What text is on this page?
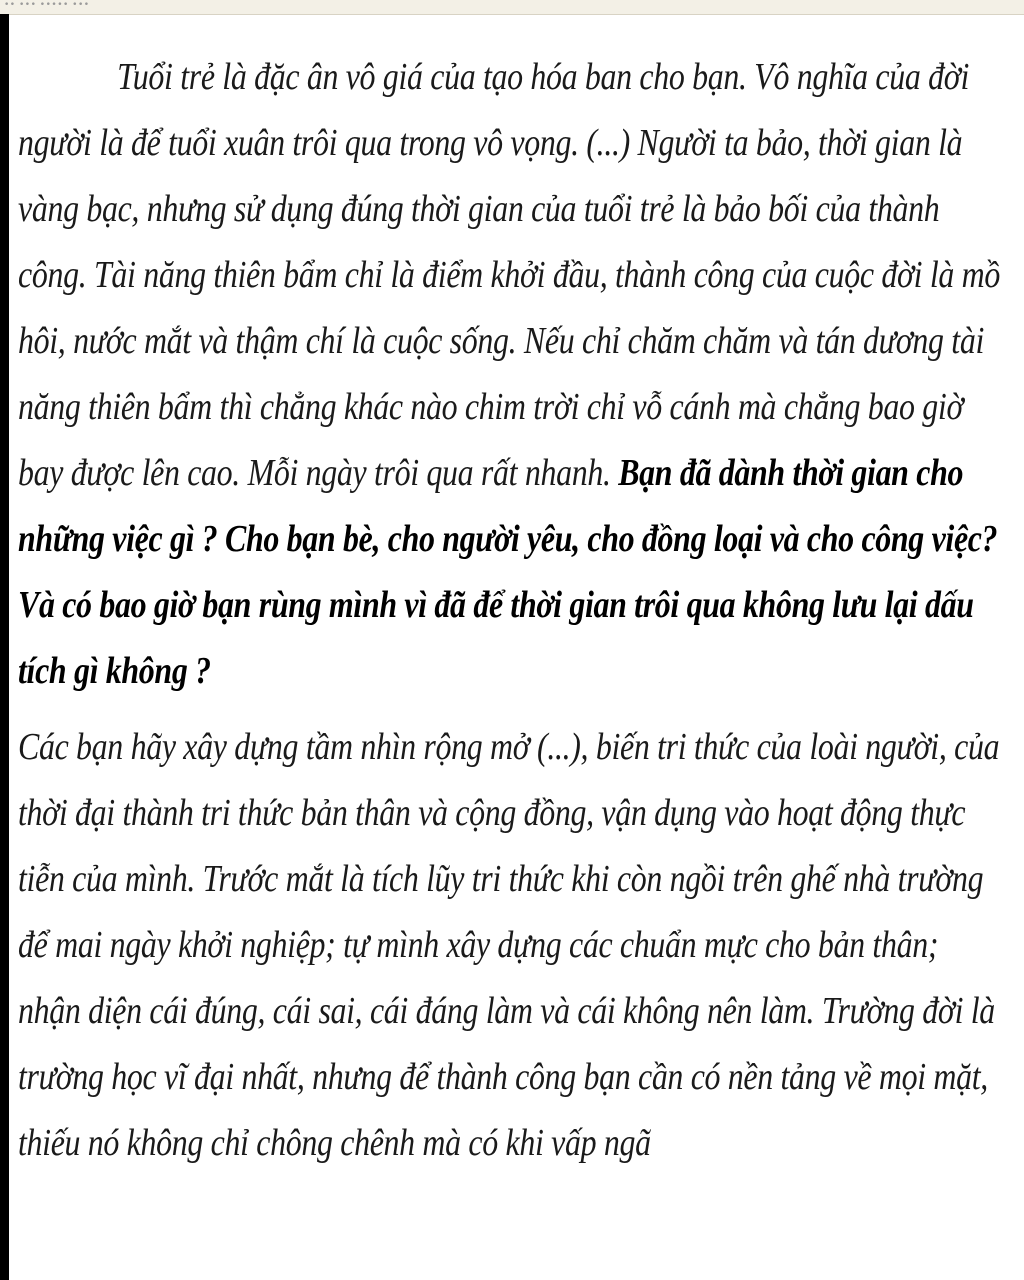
•• ••• ••••• •••
Tuổi trẻ là đặc ân vô giá của tạo hóa ban cho bạn. Vô nghĩa của đời
người là để tuổi xuân trôi qua trong vô vọng. (...) Người ta bảo, thời gian là
vàng bạc, nhưng sử dụng đúng thời gian của tuổi trẻ là bảo bối của thành
công. Tài năng thiên bẩm chỉ là điểm khởi đầu, thành công của cuộc đời là mồ
hôi, nước mắt và thậm chí là cuộc sống. Nếu chỉ chăm chăm và tán dương tài
năng thiên bẩm thì chẳng khác nào chim trời chỉ vỗ cánh mà chẳng bao giờ
bay được lên cao. Mỗi ngày trôi qua rất nhanh. Bạn đã dành thời gian cho
những việc gì ? Cho bạn bè, cho người yêu, cho đồng loại và cho công việc?
Và có bao giờ bạn rùng mình vì đã để thời gian trôi qua không lưu lại dấu
tích gì không ?
Các bạn hãy xây dựng tầm nhìn rộng mở (...), biến tri thức của loài người, của
thời đại thành tri thức bản thân và cộng đồng, vận dụng vào hoạt động thực
tiễn của mình. Trước mắt là tích lũy tri thức khi còn ngồi trên ghế nhà trường
để mai ngày khởi nghiệp; tự mình xây dựng các chuẩn mực cho bản thân;
nhận diện cái đúng, cái sai, cái đáng làm và cái không nên làm. Trường đời là
trường học vĩ đại nhất, nhưng để thành công bạn cần có nền tảng về mọi mặt,
thiếu nó không chỉ chông chênh mà có khi vấp ngã
